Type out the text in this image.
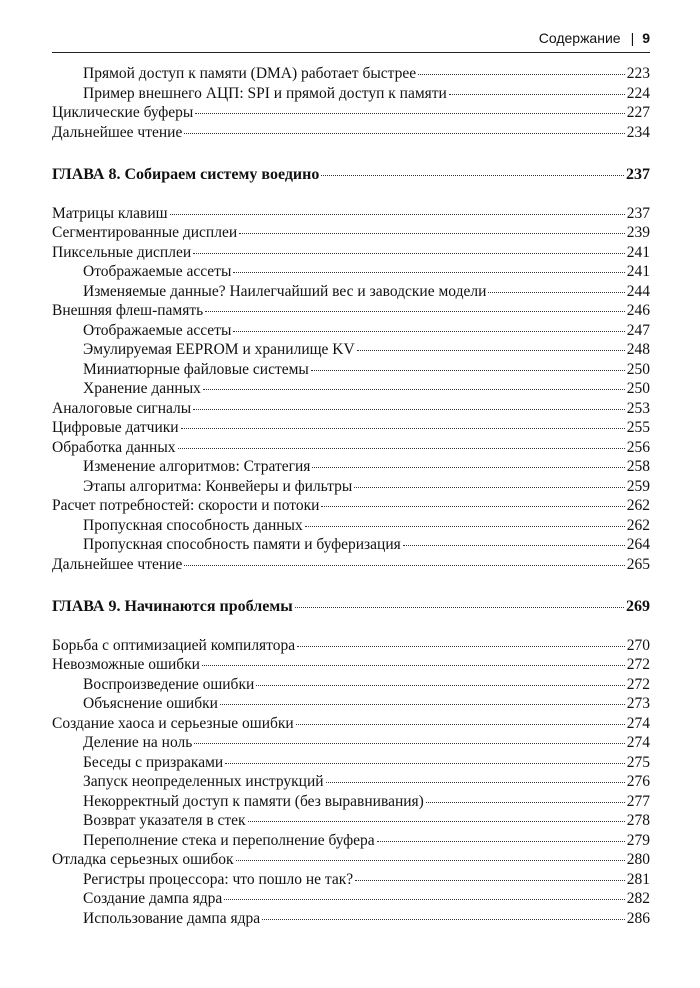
Содержание | 9
Прямой доступ к памяти (DMA) работает быстрее	223
Пример внешнего АЦП: SPI и прямой доступ к памяти	224
Циклические буферы	227
Дальнейшее чтение	234
ГЛАВА 8. Собираем систему воедино	237
Матрицы клавиш	237
Сегментированные дисплеи	239
Пиксельные дисплеи	241
Отображаемые ассеты	241
Изменяемые данные? Наилегчайший вес и заводские модели	244
Внешняя флеш-память	246
Отображаемые ассеты	247
Эмулируемая EEPROM и хранилище KV	248
Миниатюрные файловые системы	250
Хранение данных	250
Аналоговые сигналы	253
Цифровые датчики	255
Обработка данных	256
Изменение алгоритмов: Стратегия	258
Этапы алгоритма: Конвейеры и фильтры	259
Расчет потребностей: скорости и потоки	262
Пропускная способность данных	262
Пропускная способность памяти и буферизация	264
Дальнейшее чтение	265
ГЛАВА 9. Начинаются проблемы	269
Борьба с оптимизацией компилятора	270
Невозможные ошибки	272
Воспроизведение ошибки	272
Объяснение ошибки	273
Создание хаоса и серьезные ошибки	274
Деление на ноль	274
Беседы с призраками	275
Запуск неопределенных инструкций	276
Некорректный доступ к памяти (без выравнивания)	277
Возврат указателя в стек	278
Переполнение стека и переполнение буфера	279
Отладка серьезных ошибок	280
Регистры процессора: что пошло не так?	281
Создание дампа ядра	282
Использование дампа ядра	286
